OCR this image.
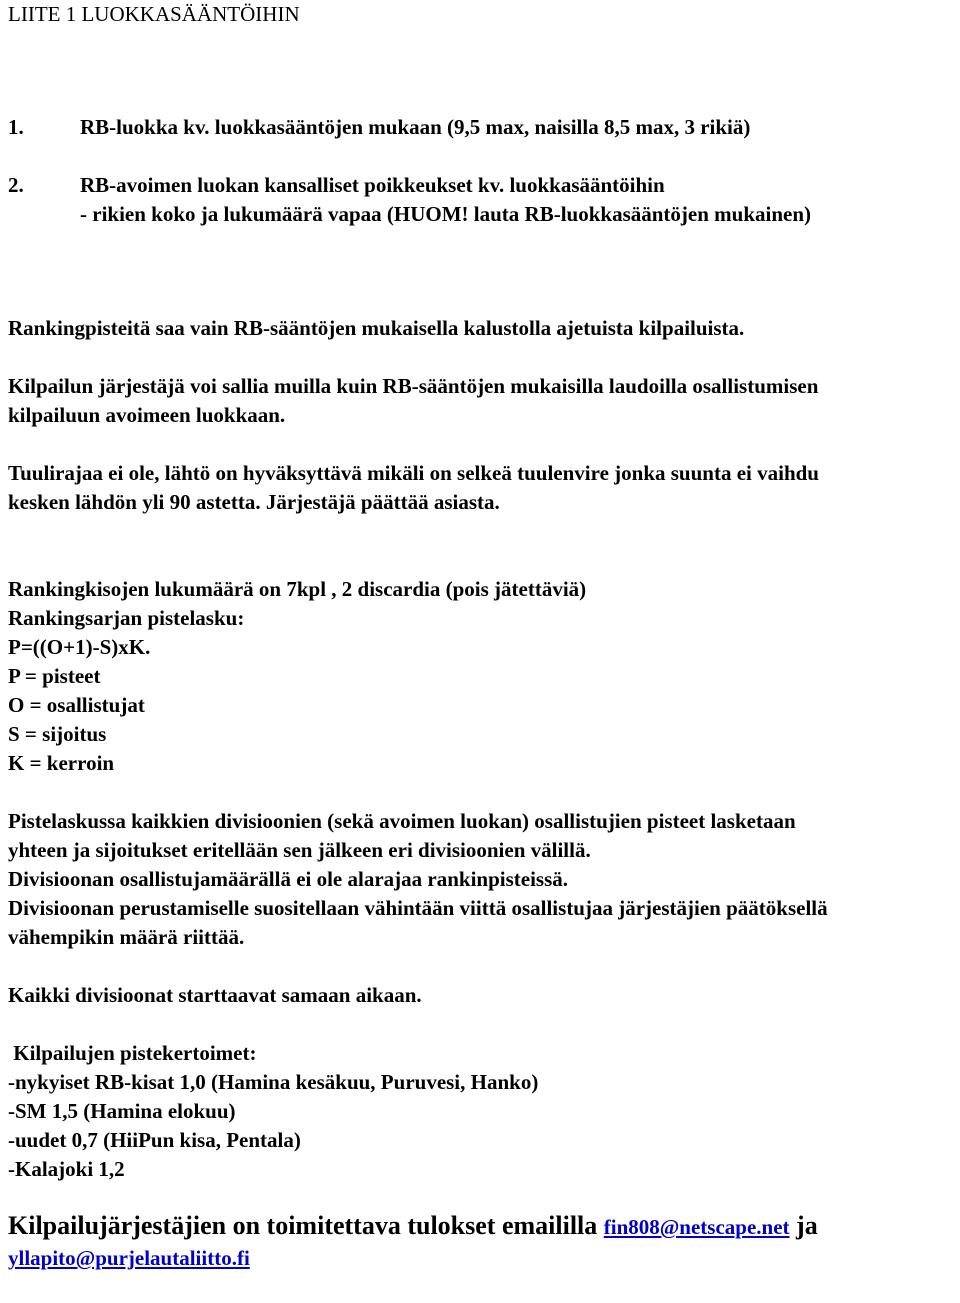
LIITE 1 LUOKKASÄÄNTÖIHIN
1.	RB-luokka kv. luokkasääntöjen mukaan (9,5 max, naisilla 8,5 max, 3 rikiä)
2.	RB-avoimen luokan kansalliset poikkeukset kv. luokkasääntöihin
- rikien koko ja lukumäärä vapaa (HUOM! lauta RB-luokkasääntöjen mukainen)
Rankingpisteitä saa vain RB-sääntöjen mukaisella kalustolla ajetuista kilpailuista.
Kilpailun järjestäjä voi sallia muilla kuin RB-sääntöjen mukaisilla laudoilla osallistumisen
kilpailuun avoimeen luokkaan.
Tuulirajaa ei ole, lähtö on hyväksyttävä mikäli on selkeä tuulenvire jonka suunta ei vaihdu
kesken lähdön yli 90 astetta. Järjestäjä päättää asiasta.
Rankingkisojen lukumäärä on 7kpl , 2 discardia (pois jätettäviä)
Rankingsarjan pistelasku:
P=((O+1)-S)xK.
P = pisteet
O = osallistujat
S = sijoitus
K = kerroin
Pistelaskussa kaikkien divisioonien (sekä avoimen luokan) osallistujien pisteet lasketaan
yhteen ja sijoitukset eritellään sen jälkeen eri divisioonien välillä.
Divisioonan osallistujamäärällä ei ole alarajaa rankinpisteissä.
Divisioonan perustamiselle suositellaan vähintään viittä osallistujaa järjestäjien päätöksellä
vähempikin määrä riittää.
Kaikki divisioonat starttaavat samaan aikaan.
Kilpailujen pistekertoimet:
-nykyiset RB-kisat 1,0 (Hamina kesäkuu, Puruvesi, Hanko)
-SM 1,5 (Hamina elokuu)
-uudet 0,7 (HiiPun kisa, Pentala)
-Kalajoki 1,2
Kilpailujärjestäjien on toimitettava tulokset emaililla fin808@netscape.net ja
yllapito@purjelautaliitto.fi
